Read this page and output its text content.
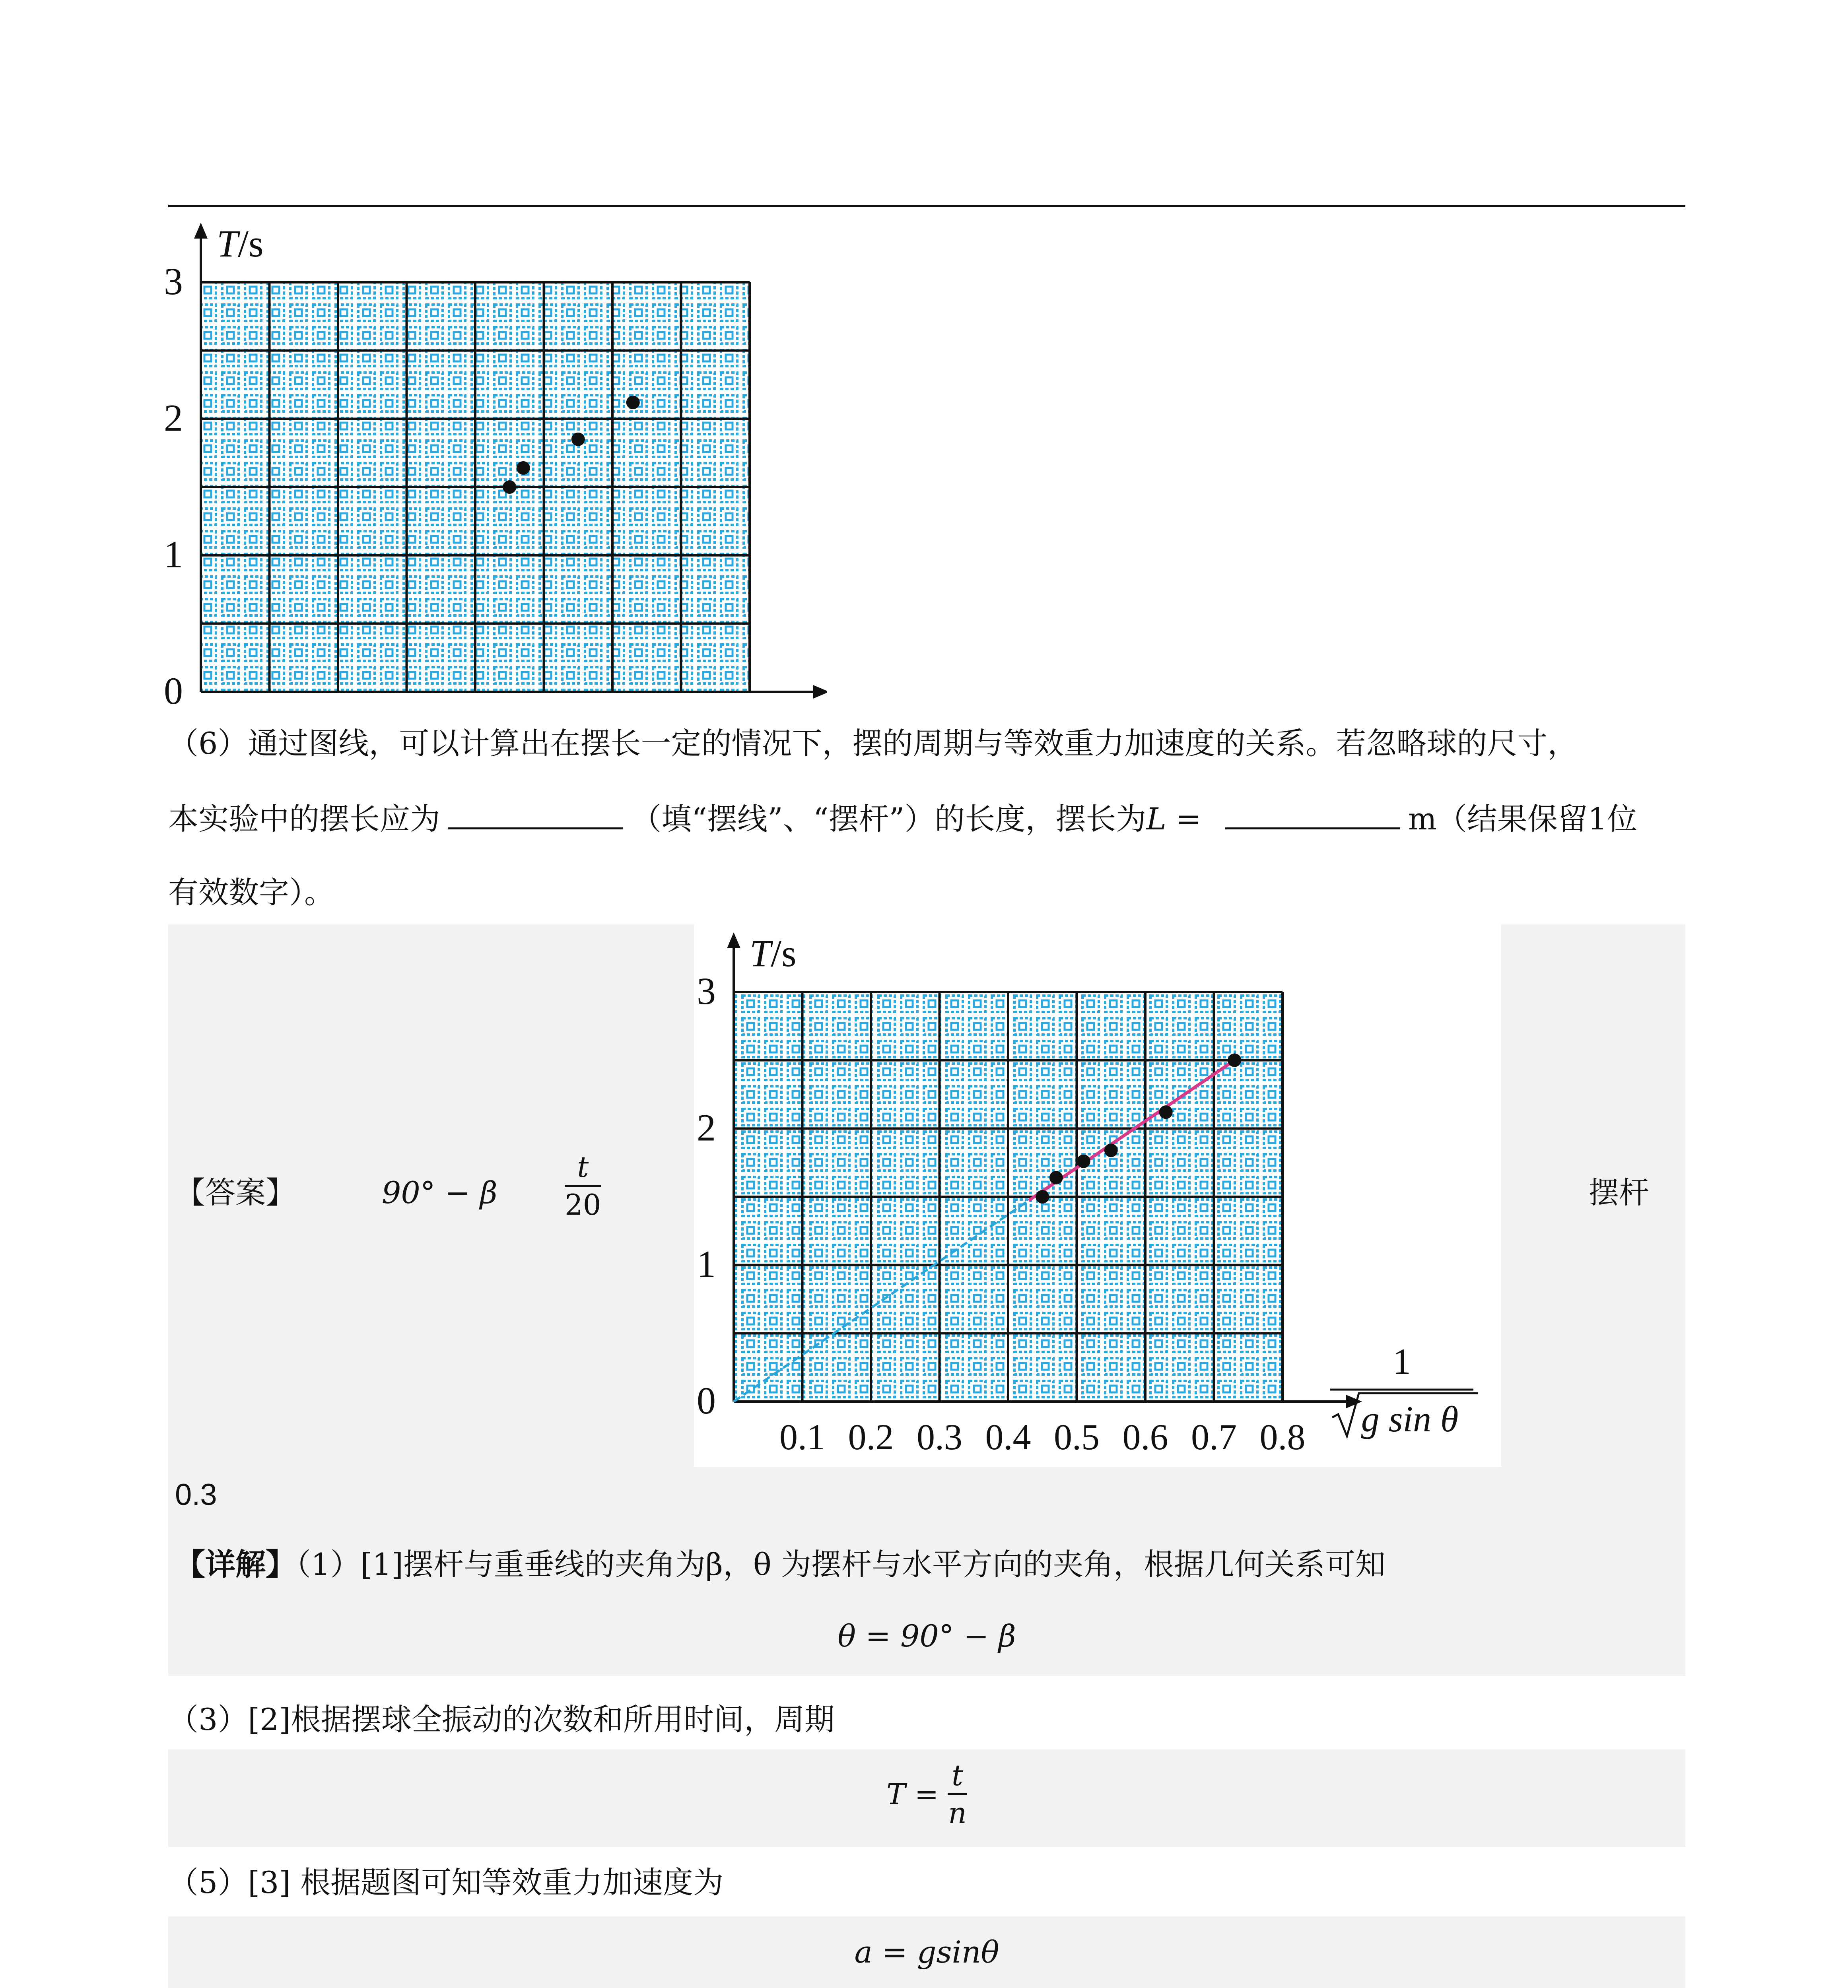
0
1
2
3
T/s
（6）通过图线，可以计算出在摆长一定的情况下，摆的周期与等效重力加速度的关系。若忽略球的尺寸，
本实验中的摆长应为	（填“摆线”、“摆杆”）的长度，摆长为L =	m（结果保留1位
有效数字）。
【答案】	90° − β $\frac{t}{20}$	摆杆
0.3
0
1
2
3
T/s
0.1 0.2 0.3 0.4 0.5 0.6 0.7 0.8
1
g sin θ
【详解】（1）[1]摆杆与重垂线的夹角为β，θ 为摆杆与水平方向的夹角，根据几何关系可知
θ = 90° − β
（3）[2]根据摆球全振动的次数和所用时间，周期
$T = \frac{t}{n}$
（5）[3] 根据题图可知等效重力加速度为
a = gsinθ
